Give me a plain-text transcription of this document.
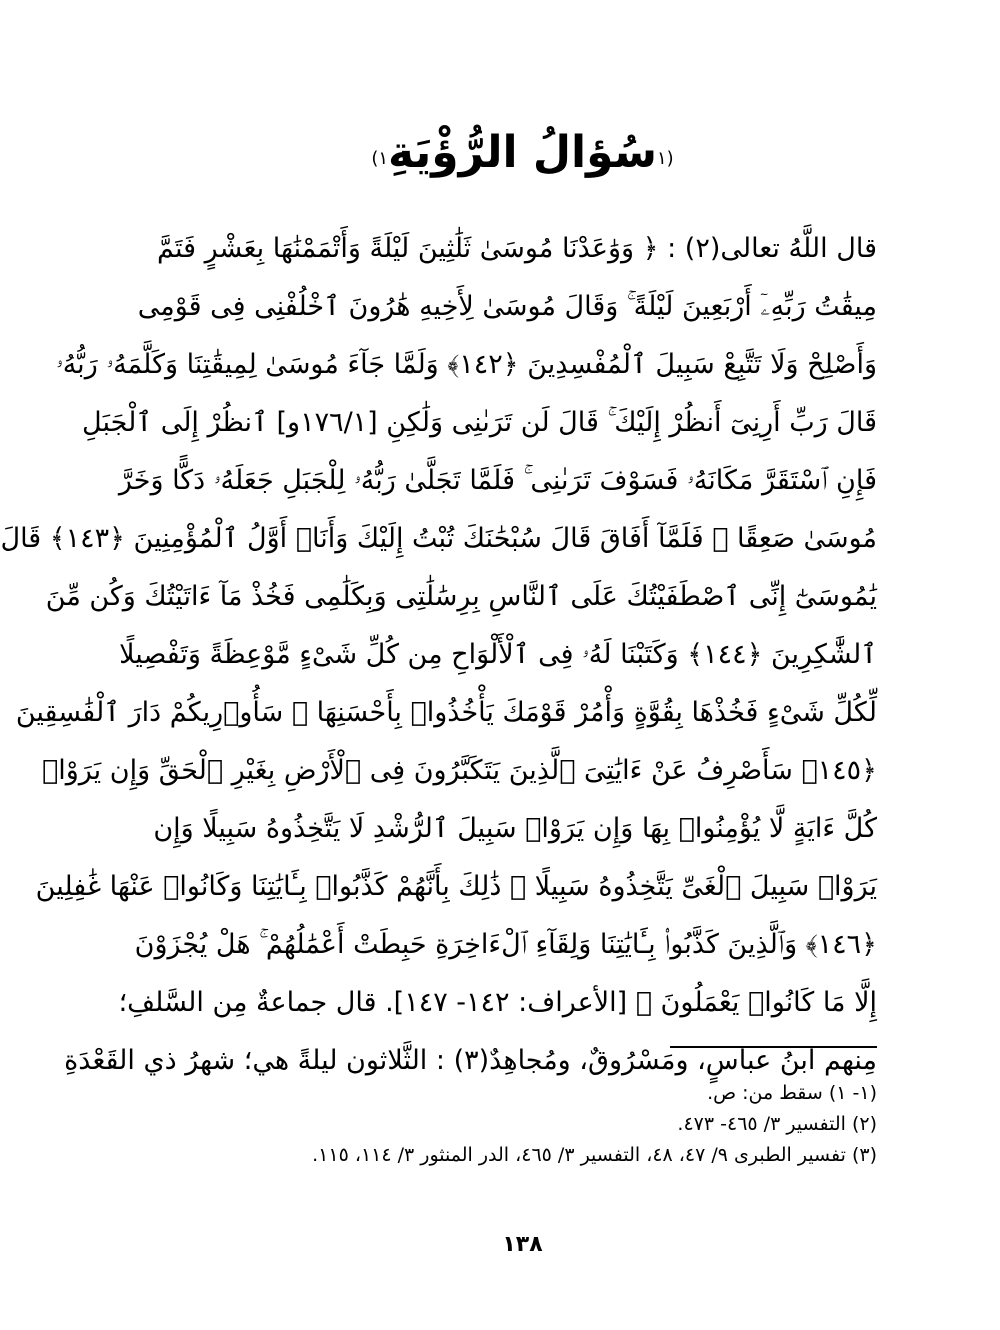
$^{(١}$سُؤالُ الرُّؤْيَةِ$^{١)}$
قال اللَّهُ تعالى(٢) : ﴿ وَوَٰعَدْنَا مُوسَىٰ ثَلَٰثِينَ لَيْلَةً وَأَتْمَمْنَٰهَا بِعَشْرٍ فَتَمَّ
مِيقَٰتُ رَبِّهِۦٓ أَرْبَعِينَ لَيْلَةً ۚ وَقَالَ مُوسَىٰ لِأَخِيهِ هَٰرُونَ ٱخْلُفْنِى فِى قَوْمِى
وَأَصْلِحْ وَلَا تَتَّبِعْ سَبِيلَ ٱلْمُفْسِدِينَ ﴿١٤٢﴾ وَلَمَّا جَآءَ مُوسَىٰ لِمِيقَٰتِنَا وَكَلَّمَهُۥ رَبُّهُۥ
قَالَ رَبِّ أَرِنِىٓ أَنظُرْ إِلَيْكَ ۚ قَالَ لَن تَرَىٰنِى وَلَٰكِنِ [١٧٦/١و] ٱنظُرْ إِلَى ٱلْجَبَلِ
فَإِنِ ٱسْتَقَرَّ مَكَانَهُۥ فَسَوْفَ تَرَىٰنِى ۚ فَلَمَّا تَجَلَّىٰ رَبُّهُۥ لِلْجَبَلِ جَعَلَهُۥ دَكًّا وَخَرَّ
مُوسَىٰ صَعِقًا ۚ فَلَمَّآ أَفَاقَ قَالَ سُبْحَٰنَكَ تُبْتُ إِلَيْكَ وَأَنَا۠ أَوَّلُ ٱلْمُؤْمِنِينَ ﴿١٤٣﴾ قَالَ
يَٰمُوسَىٰٓ إِنِّى ٱصْطَفَيْتُكَ عَلَى ٱلنَّاسِ بِرِسَٰلَٰتِى وَبِكَلَٰمِى فَخُذْ مَآ ءَاتَيْتُكَ وَكُن مِّنَ
ٱلشَّٰكِرِينَ ﴿١٤٤﴾ وَكَتَبْنَا لَهُۥ فِى ٱلْأَلْوَاحِ مِن كُلِّ شَىْءٍ مَّوْعِظَةً وَتَفْصِيلًا
لِّكُلِّ شَىْءٍ فَخُذْهَا بِقُوَّةٍ وَأْمُرْ قَوْمَكَ يَأْخُذُوا۟ بِأَحْسَنِهَا ۚ سَأُو۟رِيكُمْ دَارَ ٱلْفَٰسِقِينَ
﴿١٤٥﴾ سَأَصْرِفُ عَنْ ءَايَٰتِىَ ٱلَّذِينَ يَتَكَبَّرُونَ فِى ٱلْأَرْضِ بِغَيْرِ ٱلْحَقِّ وَإِن يَرَوْا۟
كُلَّ ءَايَةٍ لَّا يُؤْمِنُوا۟ بِهَا وَإِن يَرَوْا۟ سَبِيلَ ٱلرُّشْدِ لَا يَتَّخِذُوهُ سَبِيلًا وَإِن
يَرَوْا۟ سَبِيلَ ٱلْغَىِّ يَتَّخِذُوهُ سَبِيلًا ۚ ذَٰلِكَ بِأَنَّهُمْ كَذَّبُوا۟ بِـَٔايَٰتِنَا وَكَانُوا۟ عَنْهَا غَٰفِلِينَ
﴿١٤٦﴾ وَٱلَّذِينَ كَذَّبُوا۟ بِـَٔايَٰتِنَا وَلِقَآءِ ٱلْءَاخِرَةِ حَبِطَتْ أَعْمَٰلُهُمْ ۚ هَلْ يُجْزَوْنَ
إِلَّا مَا كَانُوا۟ يَعْمَلُونَ ﴾ [الأعراف: ١٤٢- ١٤٧]. قال جماعةٌ مِن السَّلفِ؛
مِنهم ابنُ عباسٍ، ومَسْرُوقٌ، ومُجاهِدٌ(٣) : الثَّلاثون ليلةً هي؛ شهرُ ذي القَعْدَةِ
(١- ١) سقط من: ص.
(٢) التفسير ٣/ ٤٦٥- ٤٧٣.
(٣) تفسير الطبرى ٩/ ٤٧، ٤٨، التفسير ٣/ ٤٦٥، الدر المنثور ٣/ ١١٤، ١١٥.
١٣٨
